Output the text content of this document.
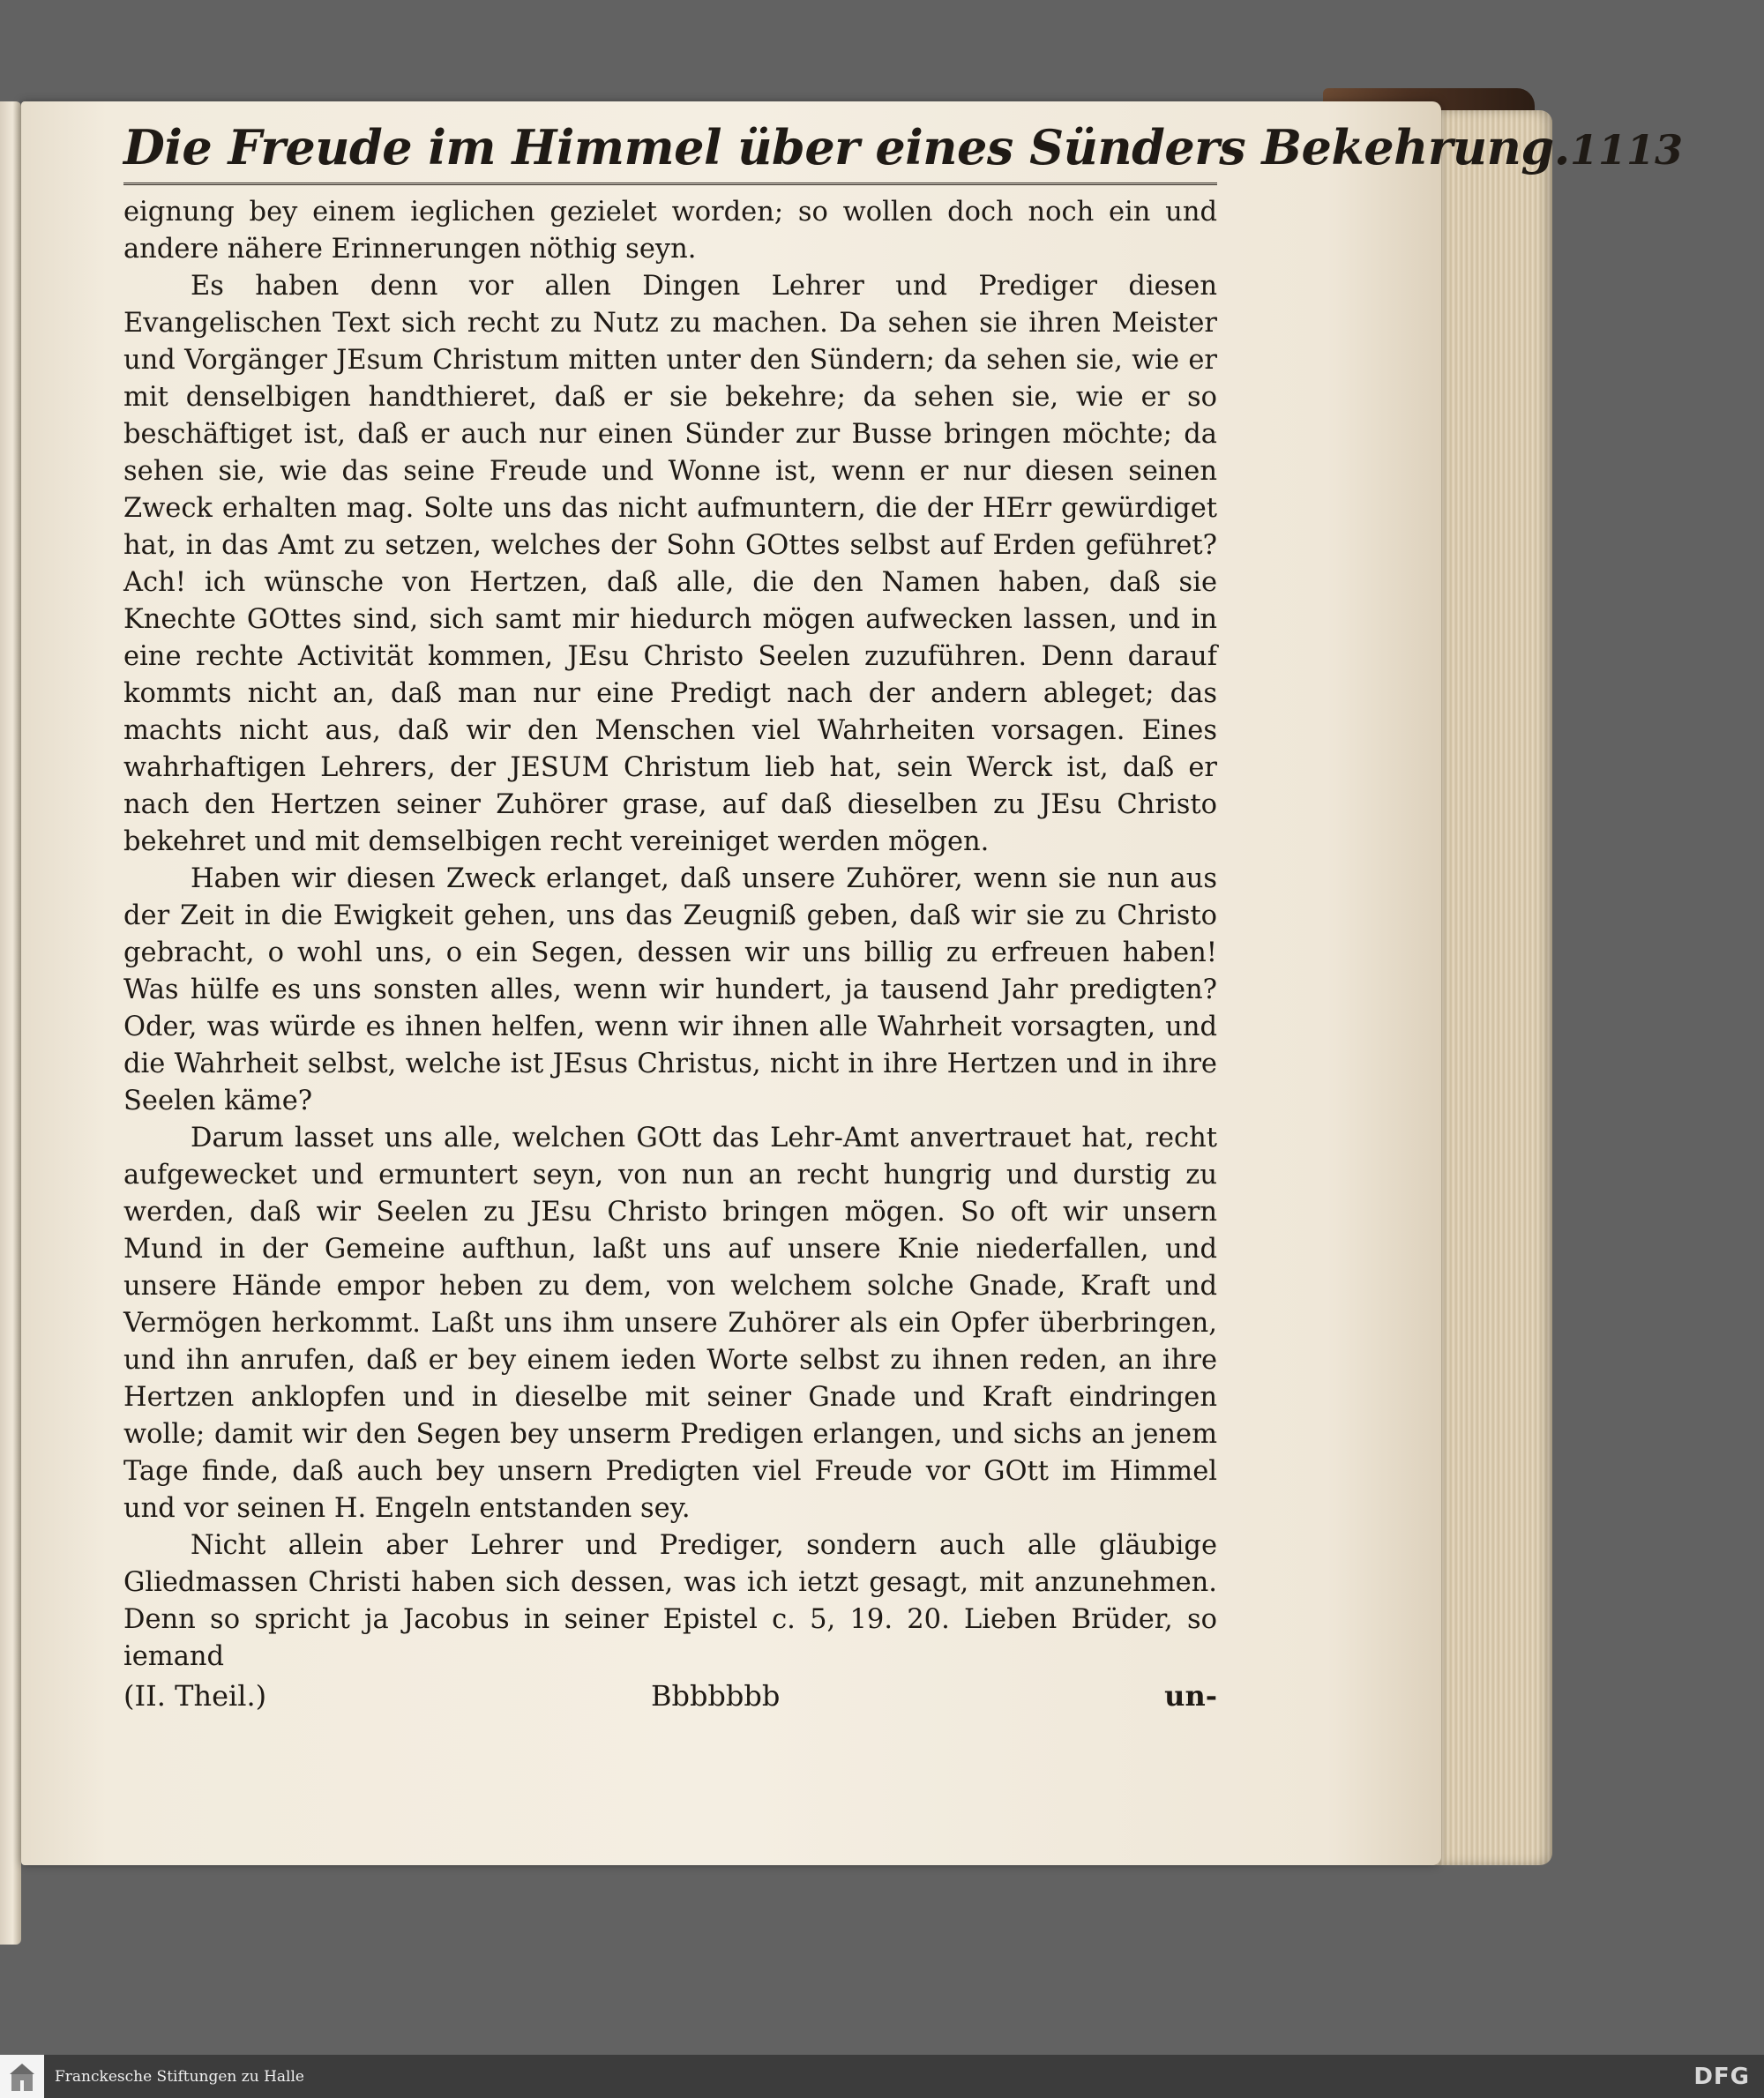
Die Freude im Himmel über eines Sünders Bekehrung. 1113

eignung bey einem ieglichen gezielet worden; so wollen doch noch ein und andere nähere Erinnerungen nöthig seyn.

Es haben denn vor allen Dingen Lehrer und Prediger diesen Evangelischen Text sich recht zu Nutz zu machen. Da sehen sie ihren Meister und Vorgänger JEsum Christum mitten unter den Sündern; da sehen sie, wie er mit denselbigen handthieret, daß er sie bekehre; da sehen sie, wie er so beschäftiget ist, daß er auch nur einen Sünder zur Busse bringen möchte; da sehen sie, wie das seine Freude und Wonne ist, wenn er nur diesen seinen Zweck erhalten mag. Solte uns das nicht aufmuntern, die der HErr gewürdiget hat, in das Amt zu setzen, welches der Sohn GOttes selbst auf Erden geführet? Ach! ich wünsche von Hertzen, daß alle, die den Namen haben, daß sie Knechte GOttes sind, sich samt mir hiedurch mögen aufwecken lassen, und in eine rechte Activität kommen, JEsu Christo Seelen zuzuführen. Denn darauf kommts nicht an, daß man nur eine Predigt nach der andern ableget; das machts nicht aus, daß wir den Menschen viel Wahrheiten vorsagen. Eines wahrhaftigen Lehrers, der JESUM Christum lieb hat, sein Werck ist, daß er nach den Hertzen seiner Zuhörer grase, auf daß dieselben zu JEsu Christo bekehret und mit demselbigen recht vereiniget werden mögen.

Haben wir diesen Zweck erlanget, daß unsere Zuhörer, wenn sie nun aus der Zeit in die Ewigkeit gehen, uns das Zeugniß geben, daß wir sie zu Christo gebracht, o wohl uns, o ein Segen, dessen wir uns billig zu erfreuen haben! Was hülfe es uns sonsten alles, wenn wir hundert, ja tausend Jahr predigten? Oder, was würde es ihnen helfen, wenn wir ihnen alle Wahrheit vorsagten, und die Wahrheit selbst, welche ist JEsus Christus, nicht in ihre Hertzen und in ihre Seelen käme?

Darum lasset uns alle, welchen GOtt das Lehr-Amt anvertrauet hat, recht aufgewecket und ermuntert seyn, von nun an recht hungrig und durstig zu werden, daß wir Seelen zu JEsu Christo bringen mögen. So oft wir unsern Mund in der Gemeine aufthun, laßt uns auf unsere Knie niederfallen, und unsere Hände empor heben zu dem, von welchem solche Gnade, Kraft und Vermögen herkommt. Laßt uns ihm unsere Zuhörer als ein Opfer überbringen, und ihn anrufen, daß er bey einem ieden Worte selbst zu ihnen reden, an ihre Hertzen anklopfen und in dieselbe mit seiner Gnade und Kraft eindringen wolle; damit wir den Segen bey unserm Predigen erlangen, und sichs an jenem Tage finde, daß auch bey unsern Predigten viel Freude vor GOtt im Himmel und vor seinen H. Engeln entstanden sey.

Nicht allein aber Lehrer und Prediger, sondern auch alle gläubige Gliedmassen Christi haben sich dessen, was ich ietzt gesagt, mit anzunehmen. Denn so spricht ja Jacobus in seiner Epistel c. 5, 19. 20. Lieben Brüder, so iemand

(II. Theil.)	Bbbbbbb	un-
Franckesche Stiftungen zu Halle	DFG
